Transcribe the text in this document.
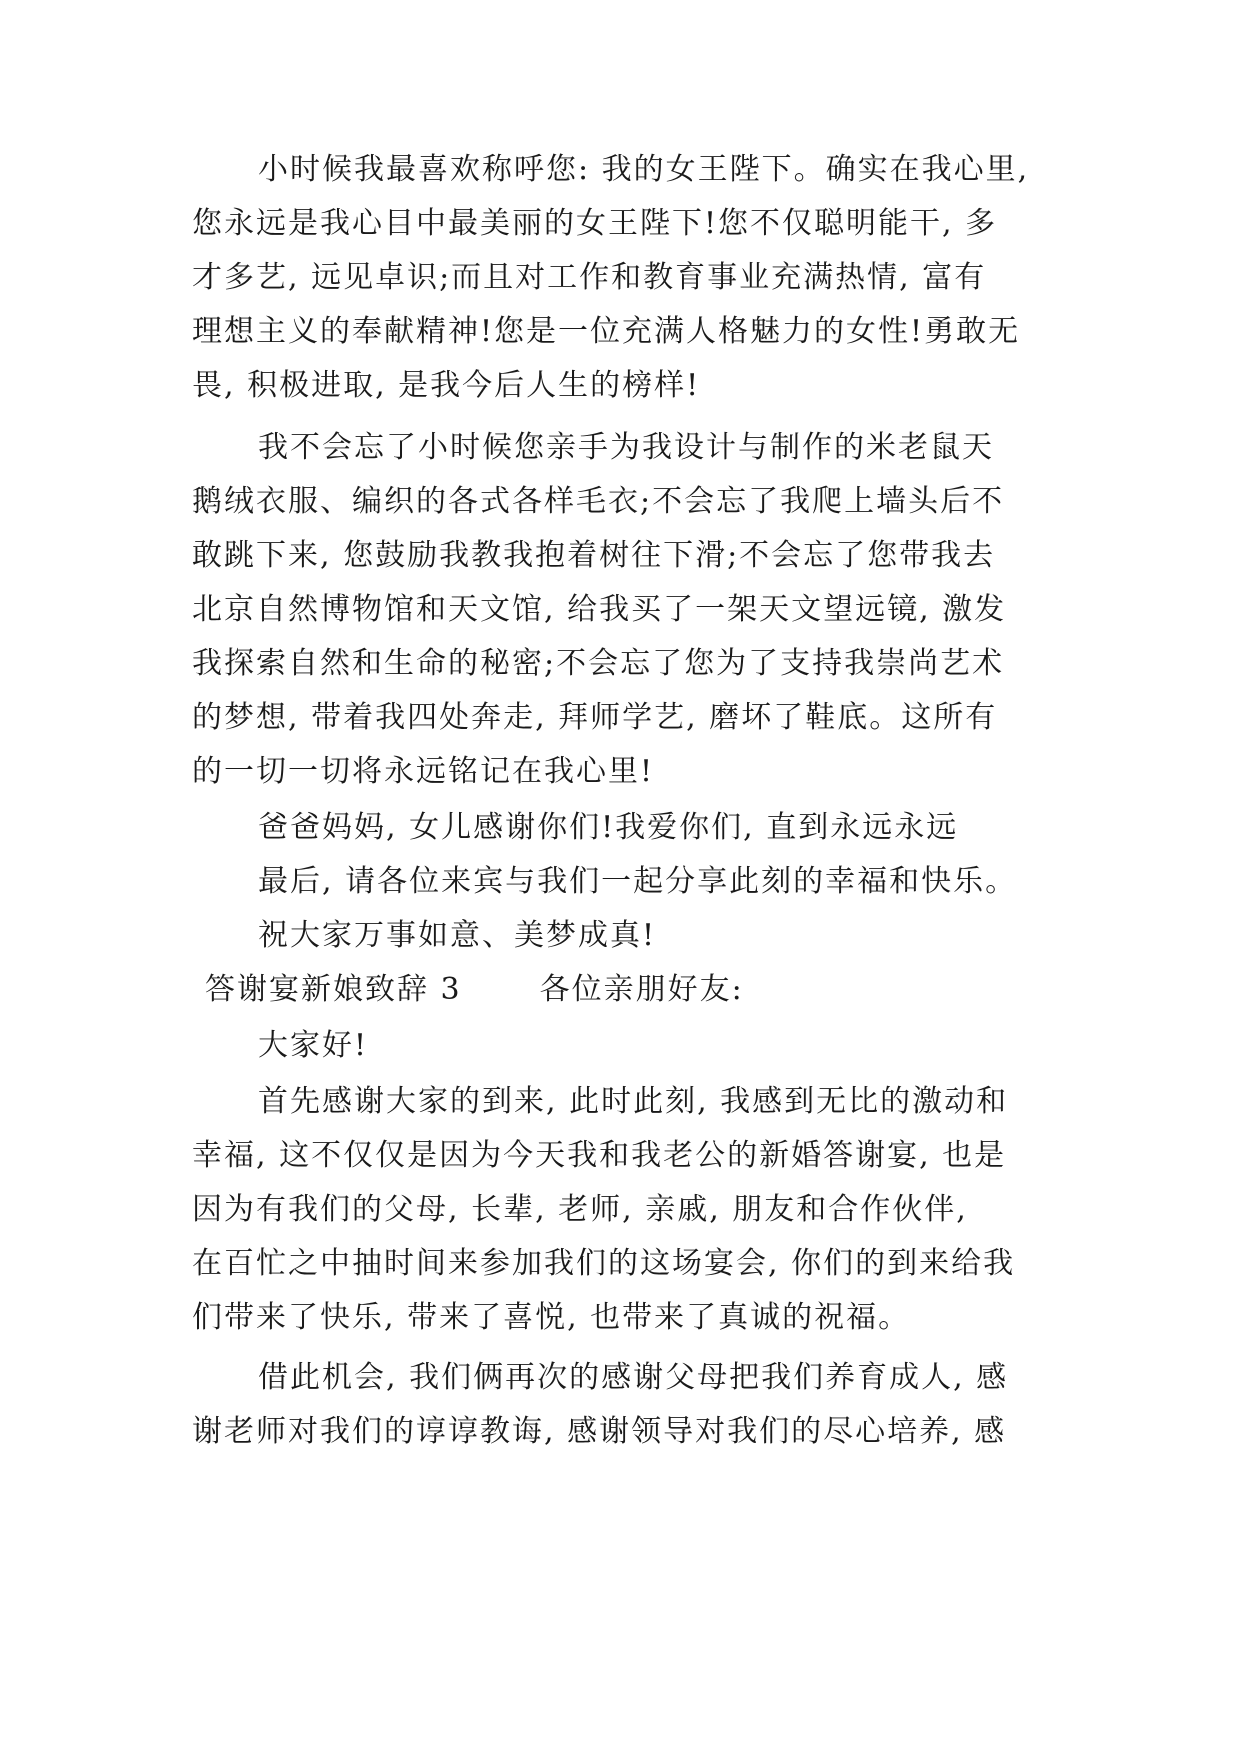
小时候我最喜欢称呼您: 我的女王陛下。确实在我心里,
您永远是我心目中最美丽的女王陛下!您不仅聪明能干, 多
才多艺, 远见卓识;而且对工作和教育事业充满热情, 富有
理想主义的奉献精神!您是一位充满人格魅力的女性!勇敢无
畏, 积极进取, 是我今后人生的榜样!
我不会忘了小时候您亲手为我设计与制作的米老鼠天
鹅绒衣服、编织的各式各样毛衣;不会忘了我爬上墙头后不
敢跳下来, 您鼓励我教我抱着树往下滑;不会忘了您带我去
北京自然博物馆和天文馆, 给我买了一架天文望远镜, 激发
我探索自然和生命的秘密;不会忘了您为了支持我崇尚艺术
的梦想, 带着我四处奔走, 拜师学艺, 磨坏了鞋底。这所有
的一切一切将永远铭记在我心里!
爸爸妈妈, 女儿感谢你们!我爱你们, 直到永远永远
最后, 请各位来宾与我们一起分享此刻的幸福和快乐。
祝大家万事如意、美梦成真!
答谢宴新娘致辞 3	各位亲朋好友:
大家好!
首先感谢大家的到来, 此时此刻, 我感到无比的激动和
幸福, 这不仅仅是因为今天我和我老公的新婚答谢宴, 也是
因为有我们的父母, 长辈, 老师, 亲戚, 朋友和合作伙伴,
在百忙之中抽时间来参加我们的这场宴会, 你们的到来给我
们带来了快乐, 带来了喜悦, 也带来了真诚的祝福。
借此机会, 我们俩再次的感谢父母把我们养育成人, 感
谢老师对我们的谆谆教诲, 感谢领导对我们的尽心培养, 感
